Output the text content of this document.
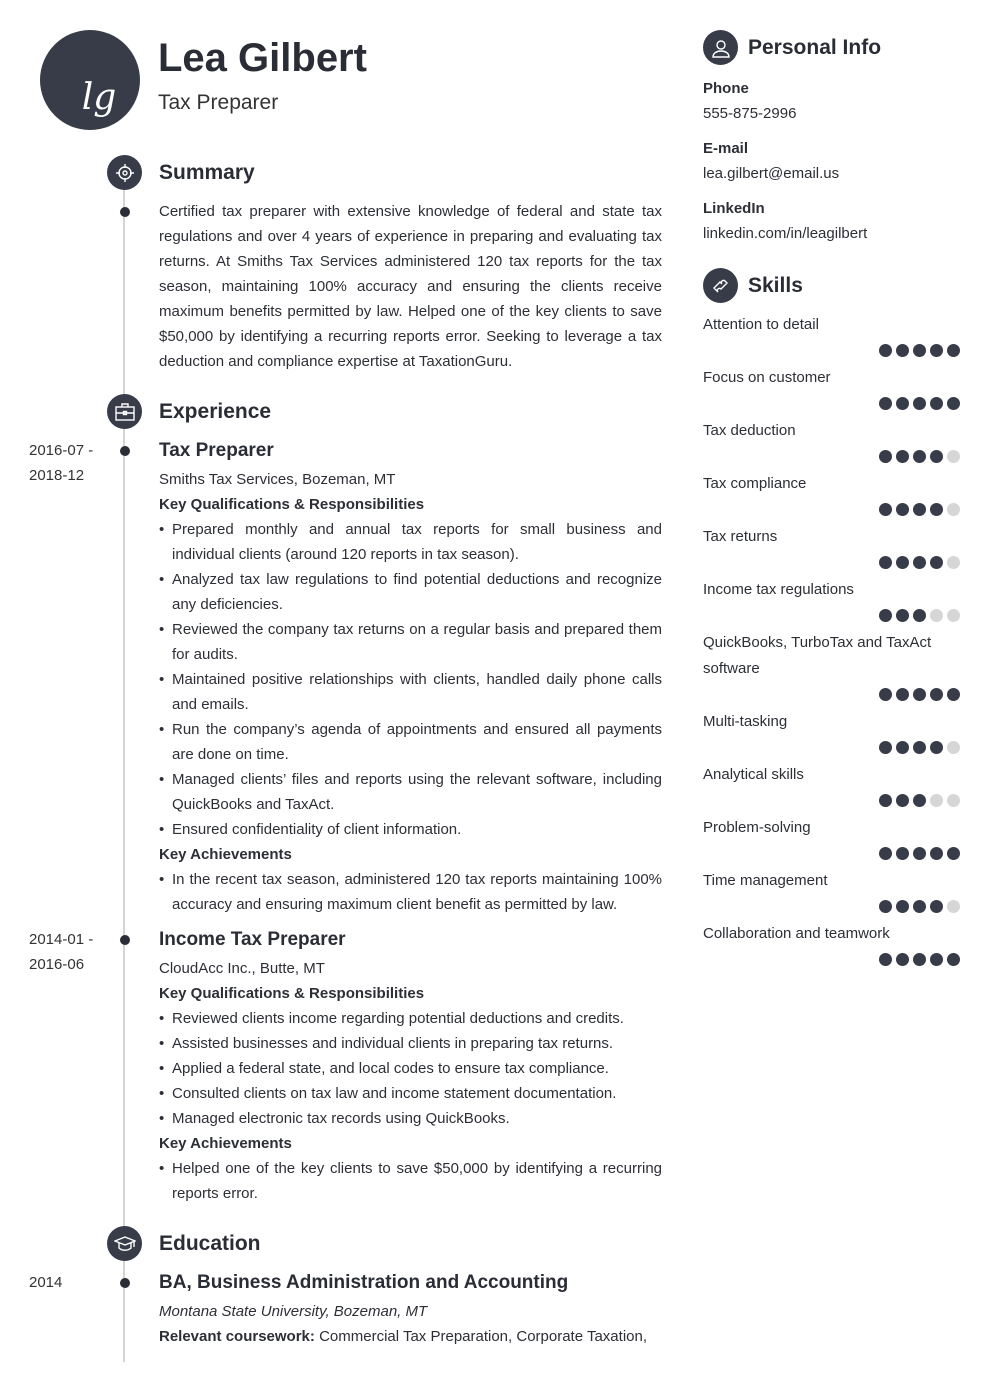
lg
Lea Gilbert
Tax Preparer
Summary

Certified tax preparer with extensive knowledge of federal and state tax regulations and over 4 years of experience in preparing and evaluating tax returns. At Smiths Tax Services administered 120 tax reports for the tax season, maintaining 100% accuracy and ensuring the clients receive maximum benefits permitted by law. Helped one of the key clients to save $50,000 by identifying a recurring reports error. Seeking to leverage a tax deduction and compliance expertise at TaxationGuru.

Experience
2016-07 - 2018-12
Tax Preparer
Smiths Tax Services, Bozeman, MT
Key Qualifications & Responsibilities
• Prepared monthly and annual tax reports for small business and individual clients (around 120 reports in tax season).
• Analyzed tax law regulations to find potential deductions and recognize any deficiencies.
• Reviewed the company tax returns on a regular basis and prepared them for audits.
• Maintained positive relationships with clients, handled daily phone calls and emails.
• Run the company’s agenda of appointments and ensured all payments are done on time.
• Managed clients’ files and reports using the relevant software, including QuickBooks and TaxAct.
• Ensured confidentiality of client information.
Key Achievements
• In the recent tax season, administered 120 tax reports maintaining 100% accuracy and ensuring maximum client benefit as permitted by law.
2014-01 - 2016-06
Income Tax Preparer
CloudAcc Inc., Butte, MT
Key Qualifications & Responsibilities
• Reviewed clients income regarding potential deductions and credits.
• Assisted businesses and individual clients in preparing tax returns.
• Applied a federal state, and local codes to ensure tax compliance.
• Consulted clients on tax law and income statement documentation.
• Managed electronic tax records using QuickBooks.
Key Achievements
• Helped one of the key clients to save $50,000 by identifying a recurring reports error.
Education
2014	BA, Business Administration and Accounting
Montana State University, Bozeman, MT
Relevant coursework: Commercial Tax Preparation, Corporate Taxation,
Personal Info
Phone
555-875-2996
E-mail
lea.gilbert@email.us
LinkedIn
linkedin.com/in/leagilbert
Skills
Attention to detail
Focus on customer
Tax deduction
Tax compliance
Tax returns
Income tax regulations
QuickBooks, TurboTax and TaxAct software
Multi-tasking
Analytical skills
Problem-solving
Time management
Collaboration and teamwork
